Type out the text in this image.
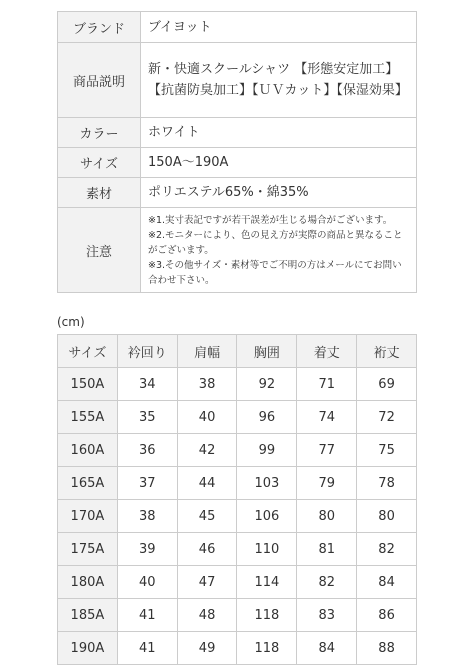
ブランド	ブイヨット
商品説明	新・快適スクールシャツ 【形態安定加工】【抗菌防臭加工】【ＵＶカット】【保湿効果】
カラー	ホワイト
サイズ	150A～190A
素材	ポリエステル65%・綿35%
注意	※1.実寸表記ですが若干誤差が生じる場合がございます。
※2.モニターにより、色の見え方が実際の商品と異なることがございます。
※3.その他サイズ・素材等でご不明の方はメールにてお問い合わせ下さい。
(cm)
サイズ	衿回り	肩幅	胸囲	着丈	裄丈
150A	34	38	92	71	69
155A	35	40	96	74	72
160A	36	42	99	77	75
165A	37	44	103	79	78
170A	38	45	106	80	80
175A	39	46	110	81	82
180A	40	47	114	82	84
185A	41	48	118	83	86
190A	41	49	118	84	88
